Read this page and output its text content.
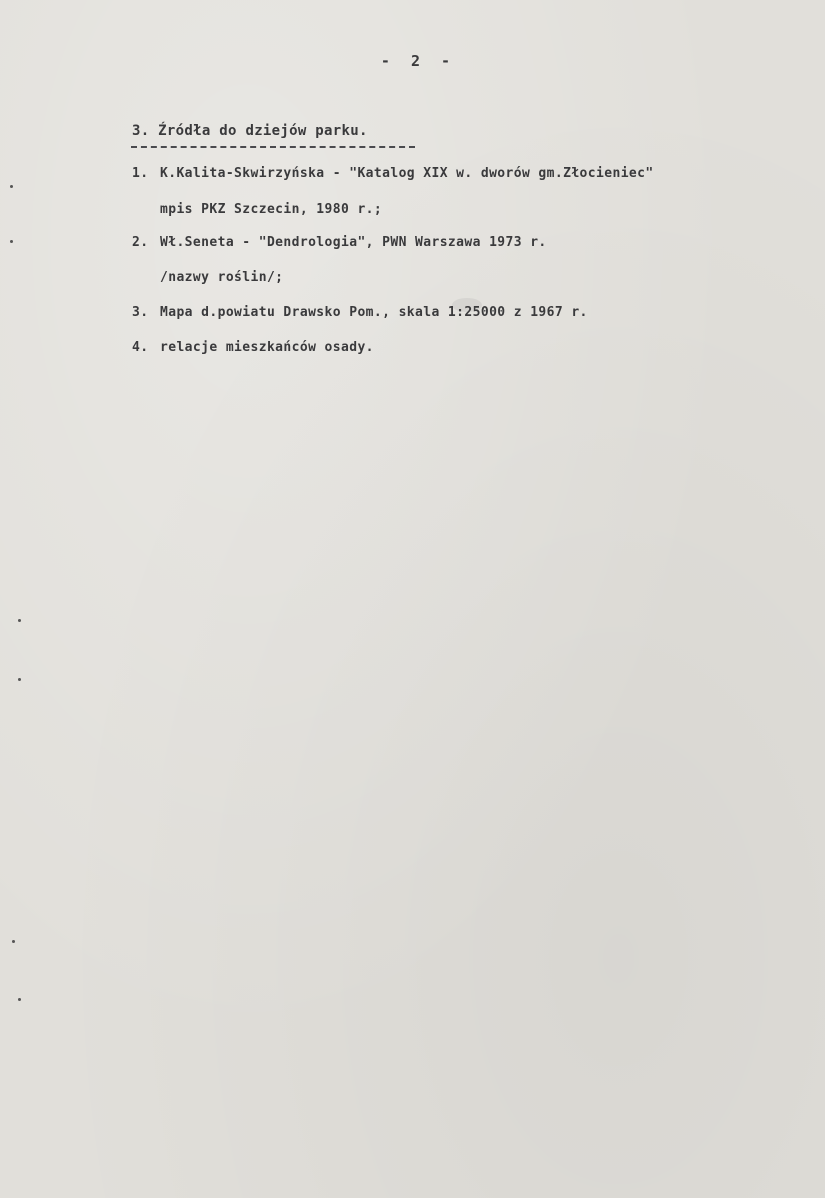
- 2 -
3. Źródła do dziejów parku.
1. K.Kalita-Skwirzyńska - "Katalog XIX w. dworów gm.Złocieniec"
mpis PKZ Szczecin, 1980 r.;
2. Wł.Seneta - "Dendrologia", PWN Warszawa 1973 r.
/nazwy roślin/;
3. Mapa d.powiatu Drawsko Pom., skala 1:25000 z 1967 r.
4. relacje mieszkańców osady.
